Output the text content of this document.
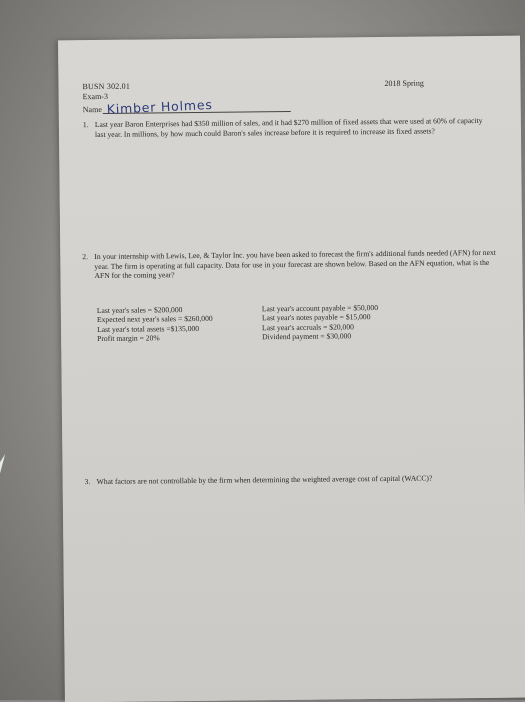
BUSN 302.01
Exam-3
Name Kimber Holmes
2018 Spring
1. Last year Baron Enterprises had $350 million of sales, and it had $270 million of fixed assets that were used at 60% of capacity last year. In millions, by how much could Baron's sales increase before it is required to increase its fixed assets?
2. In your internship with Lewis, Lee, & Taylor Inc. you have been asked to forecast the firm's additional funds needed (AFN) for next year. The firm is operating at full capacity. Data for use in your forecast are shown below. Based on the AFN equation, what is the AFN for the coming year?
Last year's sales = $200,000
Expected next year's sales = $260,000
Last year's total assets =$135,000
Profit margin = 20%
Last year's account payable = $50,000
Last year's notes payable = $15,000
Last year's accruals = $20,000
Dividend payment = $30,000
3. What factors are not controllable by the firm when determining the weighted average cost of capital (WACC)?
